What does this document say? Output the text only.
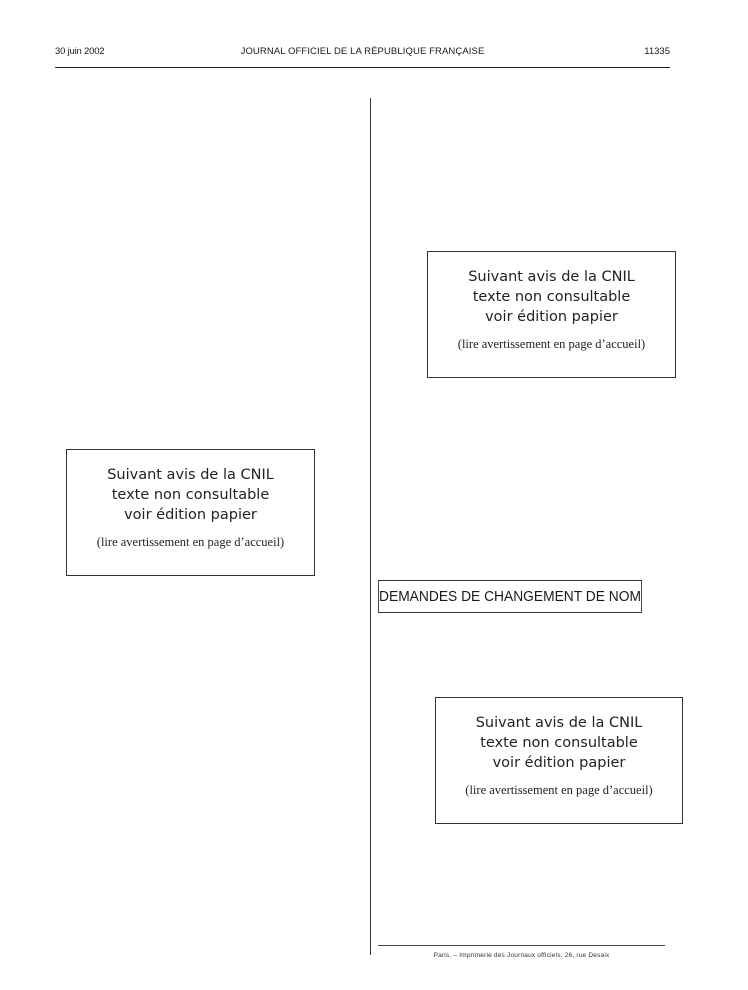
30 juin 2002	JOURNAL OFFICIEL DE LA RÉPUBLIQUE FRANÇAISE	11335
Suivant avis de la CNIL
texte non consultable
voir édition papier
(lire avertissement en page d’accueil)
Suivant avis de la CNIL
texte non consultable
voir édition papier
(lire avertissement en page d’accueil)
DEMANDES DE CHANGEMENT DE NOM
Suivant avis de la CNIL
texte non consultable
voir édition papier
(lire avertissement en page d’accueil)
Paris. – Imprimerie des Journaux officiels, 26, rue Desaix
